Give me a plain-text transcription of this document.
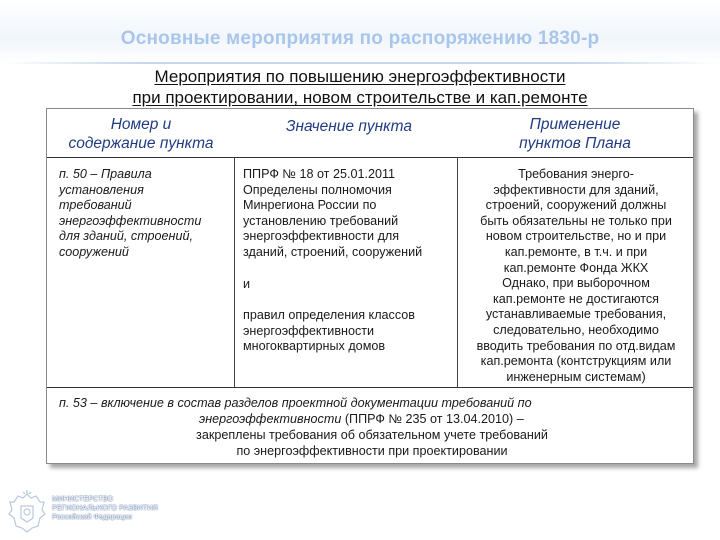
Основные мероприятия по распоряжению 1830-р
Мероприятия по повышению энергоэффективности
при проектировании, новом строительстве и кап.ремонте
Номер и
содержание пункта
Значение пункта	Применение
пунктов Плана
п. 50 – Правила
установления
требований
энергоэффективности
для зданий, строений,
сооружений
ППРФ № 18 от 25.01.2011
Определены полномочия
Минрегиона России по
установлению требований
энергоэффективности для
зданий, строений, сооружений
и
правил определения классов
энергоэффективности
многоквартирных домов
Требования энерго-
эффективности для зданий,
строений, сооружений должны
быть обязательны не только при
новом строительстве, но и при
кап.ремонте, в т.ч. и при
кап.ремонте Фонда ЖКХ
Однако, при выборочном
кап.ремонте не достигаются
устанавливаемые требования,
следовательно, необходимо
вводить требования по отд.видам
кап.ремонта (контструкциям или
инженерным системам)
п. 53 – включение в состав разделов проектной документации требований по
энергоэффективности (ППРФ № 235 от 13.04.2010) –
закреплены требования об обязательном учете требований
по энергоэффективности при проектировании
МИНИСТЕРСТВО
РЕГИОНАЛЬНОГО РАЗВИТИЯ
Российской Федерации
